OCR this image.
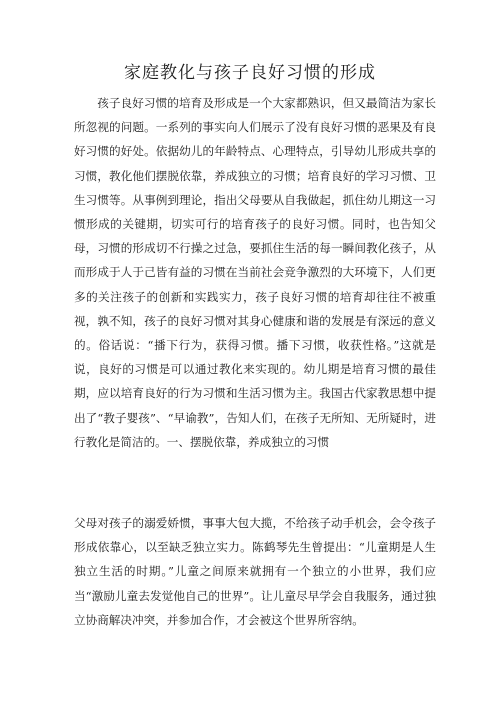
家庭教化与孩子良好习惯的形成

孩子良好习惯的培育及形成是一个大家都熟识，但又最简洁为家长所忽视的问题。一系列的事实向人们展示了没有良好习惯的恶果及有良好习惯的好处。依据幼儿的年龄特点、心理特点，引导幼儿形成共享的习惯，教化他们摆脱依靠，养成独立的习惯；培育良好的学习习惯、卫生习惯等。从事例到理论，指出父母要从自我做起，抓住幼儿期这一习惯形成的关键期，切实可行的培育孩子的良好习惯。同时，也告知父母，习惯的形成切不行操之过急，要抓住生活的每一瞬间教化孩子，从而形成于人于己皆有益的习惯在当前社会竞争激烈的大环境下，人们更多的关注孩子的创新和实践实力，孩子良好习惯的培育却往往不被重视，孰不知，孩子的良好习惯对其身心健康和谐的发展是有深远的意义的。俗话说：“播下行为，获得习惯。播下习惯，收获性格。”这就是说，良好的习惯是可以通过教化来实现的。幼儿期是培育习惯的最佳期，应以培育良好的行为习惯和生活习惯为主。我国古代家教思想中提出了“教子婴孩”、“早谕教”，告知人们，在孩子无所知、无所疑时，进行教化是简洁的。一、摆脱依靠，养成独立的习惯

父母对孩子的溺爱娇惯，事事大包大揽，不给孩子动手机会，会令孩子形成依靠心，以至缺乏独立实力。陈鹤琴先生曾提出：“儿童期是人生独立生活的时期。”儿童之间原来就拥有一个独立的小世界，我们应当“激励儿童去发觉他自己的世界”。让儿童尽早学会自我服务，通过独立协商解决冲突，并参加合作，才会被这个世界所容纳。
